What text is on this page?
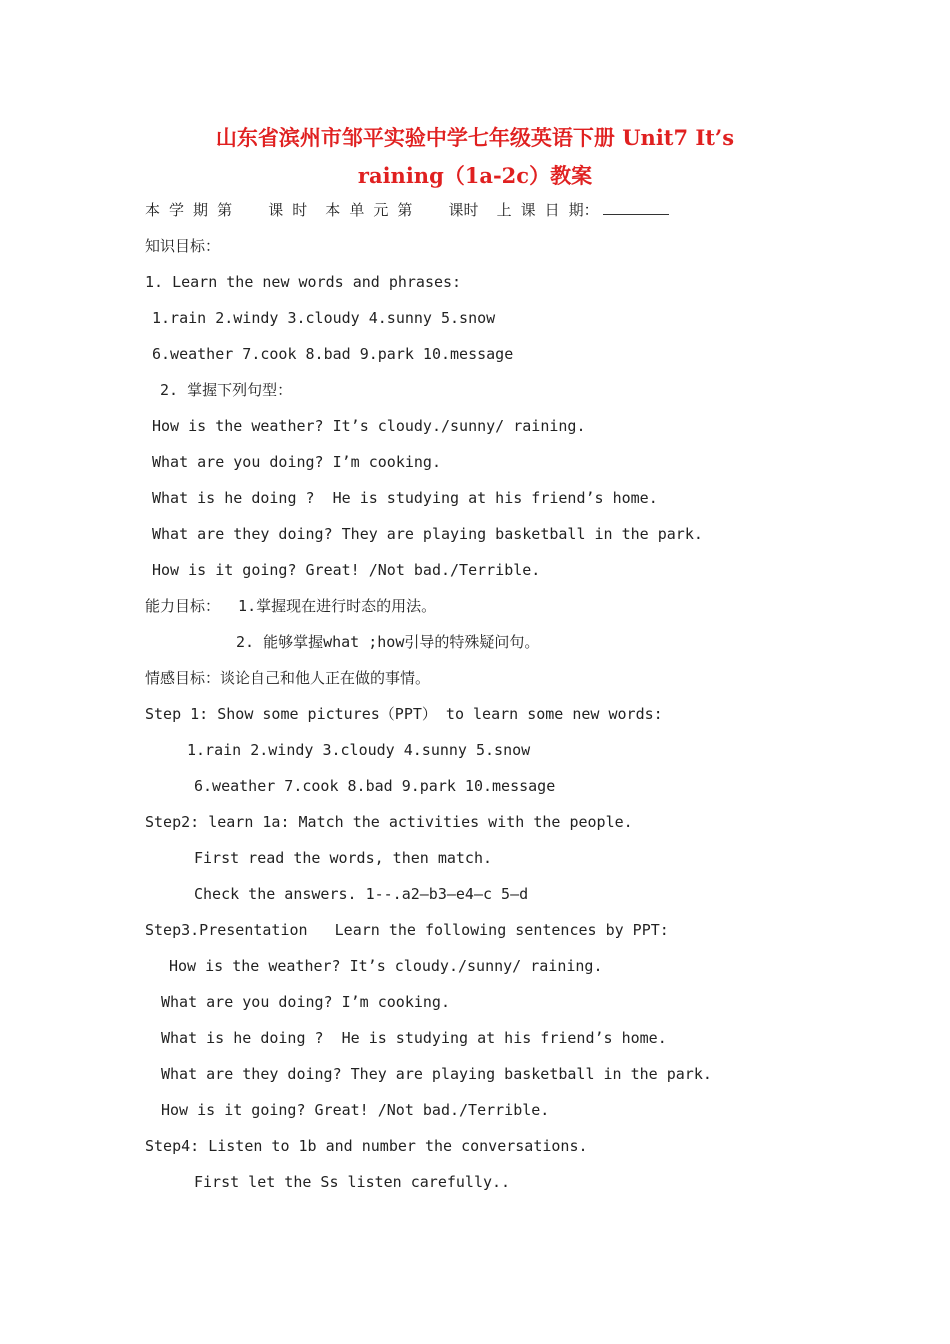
山东省滨州市邹平实验中学七年级英语下册 Unit7 It’s
raining（1a-2c）教案
本 学 期 第    课 时  本 单 元 第    课时  上 课 日 期：
知识目标：
1. Learn the new words and phrases:
1.rain 2.windy 3.cloudy 4.sunny 5.snow
6.weather 7.cook 8.bad 9.park 10.message
2. 掌握下列句型：
How is the weather? It’s cloudy./sunny/ raining.
What are you doing? I’m cooking.
What is he doing ?  He is studying at his friend’s home.
What are they doing? They are playing basketball in the park.
How is it going? Great! /Not bad./Terrible.
能力目标：  1.掌握现在进行时态的用法。
2. 能够掌握what ;how引导的特殊疑问句。
情感目标：谈论自己和他人正在做的事情。
Step 1: Show some pictures（PPT） to learn some new words:
1.rain 2.windy 3.cloudy 4.sunny 5.snow
6.weather 7.cook 8.bad 9.park 10.message
Step2: learn 1a: Match the activities with the people.
First read the words, then match.
Check the answers. 1--.a2—b3—e4—c 5—d
Step3.Presentation   Learn the following sentences by PPT:
How is the weather? It’s cloudy./sunny/ raining.
What are you doing? I’m cooking.
What is he doing ?  He is studying at his friend’s home.
What are they doing? They are playing basketball in the park.
How is it going? Great! /Not bad./Terrible.
Step4: Listen to 1b and number the conversations.
First let the Ss listen carefully..
